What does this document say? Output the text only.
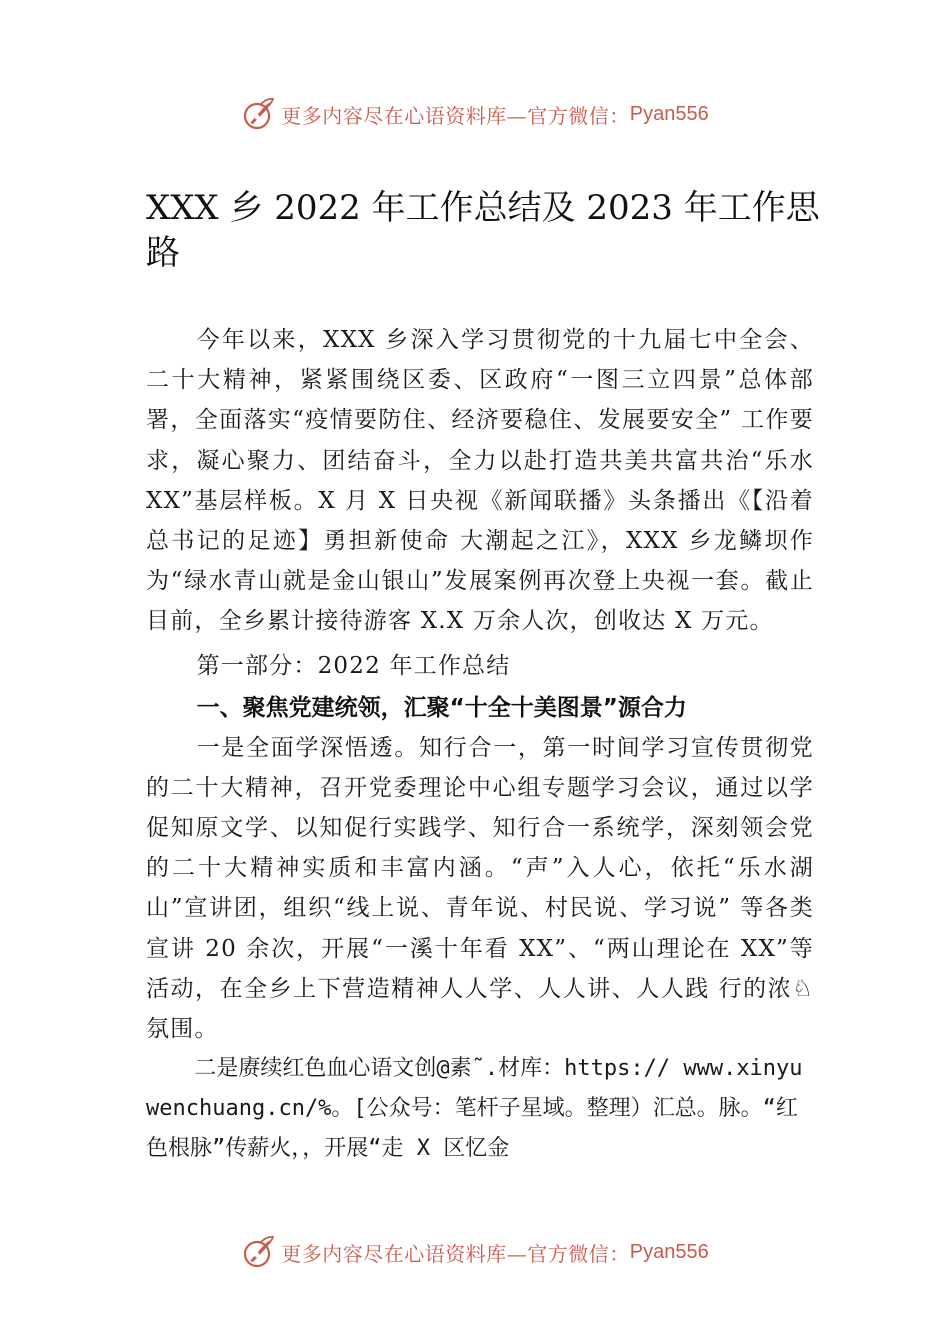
更多内容尽在心语资料库—官方微信： Pyan556
XXX 乡 2022 年工作总结及 2023 年工作思路

今年以来，XXX 乡深入学习贯彻党的十九届七中全会、二十大精神，紧紧围绕区委、区政府“一图三立四景”总体部署，全面落实“疫情要防住、经济要稳住、发展要安全” 工作要求，凝心聚力、团结奋斗，全力以赴打造共美共富共治“乐水 XX”基层样板。X 月 X 日央视《新闻联播》头条播出《【沿着总书记的足迹】勇担新使命 大潮起之江》，XXX 乡龙鳞坝作为“绿水青山就是金山银山”发展案例再次登上央视一套。截止目前，全乡累计接待游客 X.X 万余人次，创收达 X 万元。

第一部分：2022 年工作总结

一、聚焦党建统领，汇聚“十全十美图景”源合力

一是全面学深悟透。知行合一，第一时间学习宣传贯彻党的二十大精神，召开党委理论中心组专题学习会议，通过以学促知原文学、以知促行实践学、知行合一系统学，深刻领会党的二十大精神实质和丰富内涵。“声”入人心，依托“乐水湖山”宣讲团，组织“线上说、青年说、村民说、学习说” 等各类宣讲 20 余次，开展“一溪十年看 XX”、“两山理论在 XX”等活动，在全乡上下营造精神人人学、人人讲、人人践 行的浓♘氛围。

二是赓续红色血心语文创@素˜.材库：https:// www.xinyuwenchuang.cn/%。[公众号：笔杆子星域。整理）汇总。脉。“红色根脉”传薪火，，开展“走 X 区忆金

更多内容尽在心语资料库—官方微信： Pyan556
